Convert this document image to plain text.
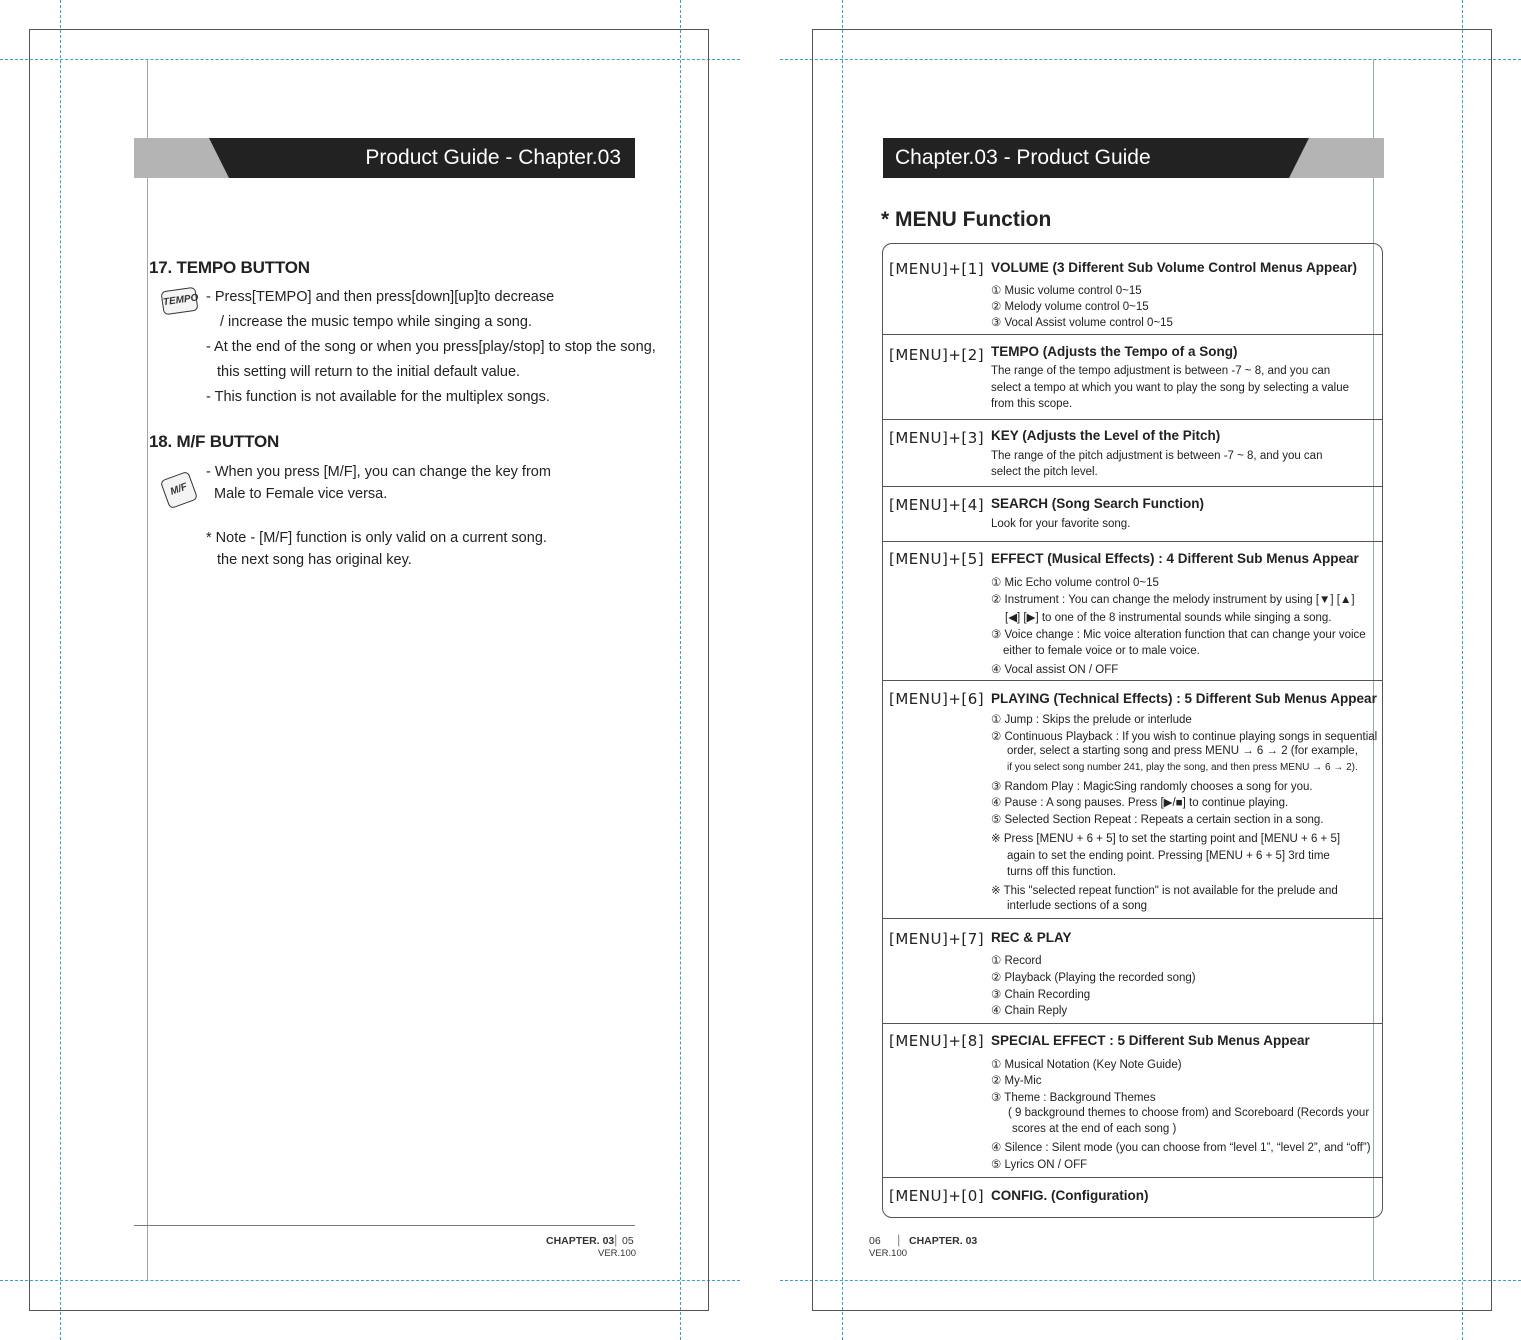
Product Guide - Chapter.03
17. TEMPO BUTTON
TEMPO - Press[TEMPO] and then press[down][up]to decrease
/ increase the music tempo while singing a song.
- At the end of the song or when you press[play/stop] to stop the song,
this setting will return to the initial default value.
- This function is not available for the multiplex songs.
18. M/F BUTTON
M/F
- When you press [M/F], you can change the key from
Male to Female vice versa.
* Note - [M/F] function is only valid on a current song.
the next song has original key.
CHAPTER. 03 | 05
VER.100
Chapter.03 - Product Guide
* MENU Function
[MENU]+[1] VOLUME (3 Different Sub Volume Control Menus Appear)
① Music volume control 0~15
② Melody volume control 0~15
③ Vocal Assist volume control 0~15
[MENU]+[2] TEMPO (Adjusts the Tempo of a Song)
The range of the tempo adjustment is between -7 ~ 8, and you can
select a tempo at which you want to play the song by selecting a value
from this scope.
[MENU]+[3] KEY (Adjusts the Level of the Pitch)
The range of the pitch adjustment is between -7 ~ 8, and you can
select the pitch level.
[MENU]+[4] SEARCH (Song Search Function)
Look for your favorite song.
[MENU]+[5] EFFECT (Musical Effects) : 4 Different Sub Menus Appear
① Mic Echo volume control 0~15
② Instrument : You can change the melody instrument by using [▼] [▲]
[◀] [▶] to one of the 8 instrumental sounds while singing a song.
③ Voice change : Mic voice alteration function that can change your voice
either to female voice or to male voice.
④ Vocal assist ON / OFF
[MENU]+[6] PLAYING (Technical Effects) : 5 Different Sub Menus Appear
① Jump : Skips the prelude or interlude
② Continuous Playback : If you wish to continue playing songs in sequential
order, select a starting song and press MENU → 6 → 2 (for example,
if you select song number 241, play the song, and then press MENU → 6 → 2).
③ Random Play : MagicSing randomly chooses a song for you.
④ Pause : A song pauses. Press [▶/■] to continue playing.
⑤ Selected Section Repeat : Repeats a certain section in a song.
※ Press [MENU + 6 + 5] to set the starting point and [MENU + 6 + 5]
again to set the ending point. Pressing [MENU + 6 + 5] 3rd time
turns off this function.
※ This "selected repeat function" is not available for the prelude and
interlude sections of a song
[MENU]+[7] REC & PLAY
① Record
② Playback (Playing the recorded song)
③ Chain Recording
④ Chain Reply
[MENU]+[8] SPECIAL EFFECT : 5 Different Sub Menus Appear
① Musical Notation (Key Note Guide)
② My-Mic
③ Theme : Background Themes
( 9 background themes to choose from) and Scoreboard (Records your
scores at the end of each song )
④ Silence : Silent mode (you can choose from “level 1”, “level 2”, and “off”)
⑤ Lyrics ON / OFF
[MENU]+[0] CONFIG. (Configuration)
06 | CHAPTER. 03
VER.100
